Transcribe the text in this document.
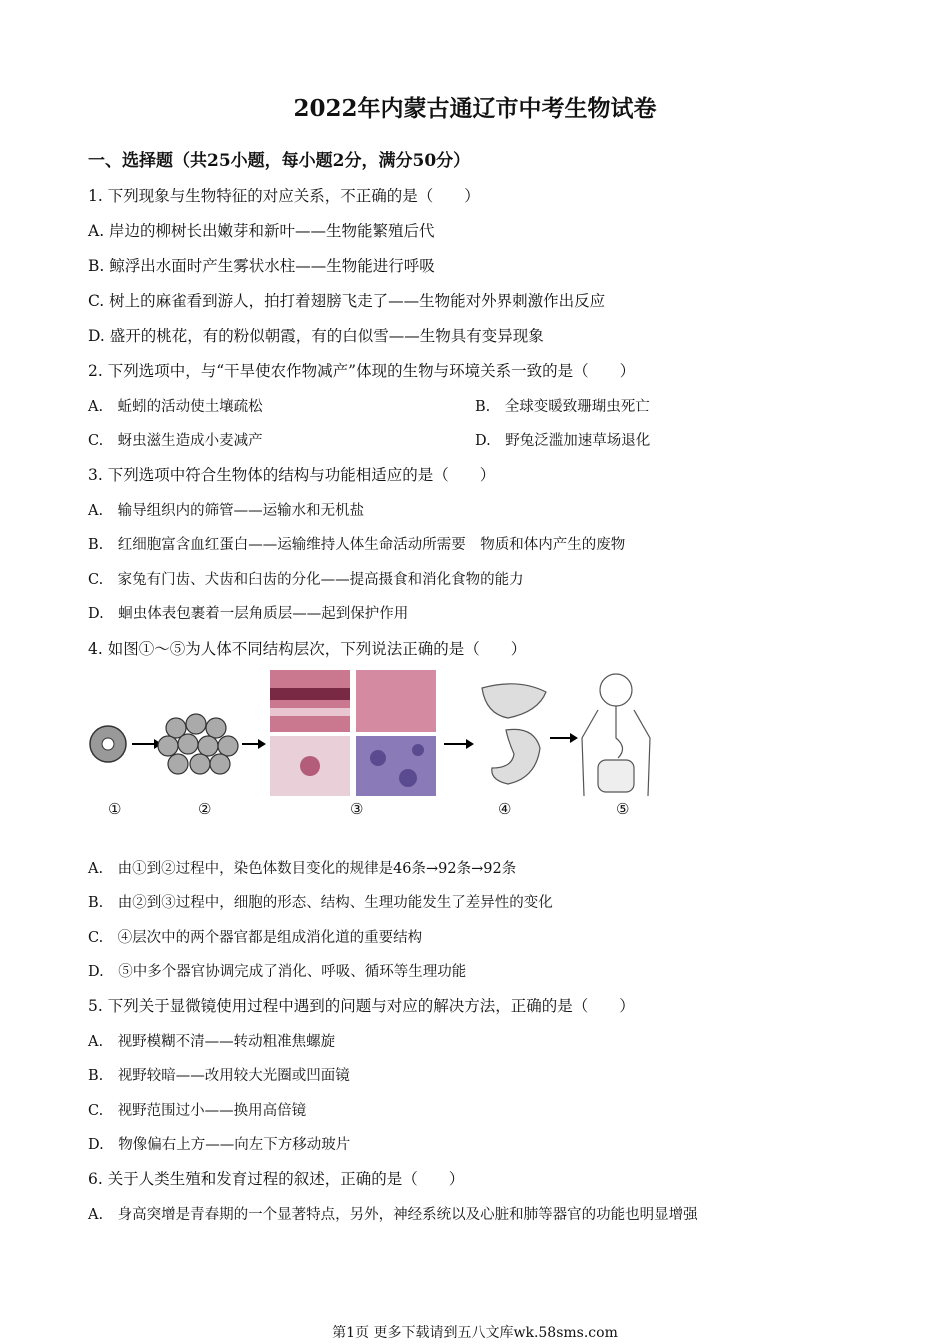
2022年内蒙古通辽市中考生物试卷
一、选择题（共25小题，每小题2分，满分50分）
1. 下列现象与生物特征的对应关系，不正确的是（　　）
A. 岸边的柳树长出嫩芽和新叶——生物能繁殖后代
B. 鲸浮出水面时产生雾状水柱——生物能进行呼吸
C. 树上的麻雀看到游人，拍打着翅膀飞走了——生物能对外界刺激作出反应
D. 盛开的桃花，有的粉似朝霞，有的白似雪——生物具有变异现象
2. 下列选项中，与“干旱使农作物减产”体现的生物与环境关系一致的是（　　）
A.　蚯蚓的活动使土壤疏松	B.　全球变暖致珊瑚虫死亡
C.　蚜虫滋生造成小麦减产	D.　野兔泛滥加速草场退化
3. 下列选项中符合生物体的结构与功能相适应的是（　　）
A.　输导组织内的筛管——运输水和无机盐
B.　红细胞富含血红蛋白——运输维持人体生命活动所需要　物质和体内产生的废物
C.　家兔有门齿、犬齿和臼齿的分化——提高摄食和消化食物的能力
D.　蛔虫体表包裹着一层角质层——起到保护作用
4. 如图①～⑤为人体不同结构层次，下列说法正确的是（　　）
①	②	③	④	⑤
A.　由①到②过程中，染色体数目变化的规律是46条→92条→92条
B.　由②到③过程中，细胞的形态、结构、生理功能发生了差异性的变化
C.　④层次中的两个器官都是组成消化道的重要结构
D.　⑤中多个器官协调完成了消化、呼吸、循环等生理功能
5. 下列关于显微镜使用过程中遇到的问题与对应的解决方法，正确的是（　　）
A.　视野模糊不清——转动粗准焦螺旋
B.　视野较暗——改用较大光圈或凹面镜
C.　视野范围过小——换用高倍镜
D.　物像偏右上方——向左下方移动玻片
6. 关于人类生殖和发育过程的叙述，正确的是（　　）
A.　身高突增是青春期的一个显著特点，另外，神经系统以及心脏和肺等器官的功能也明显增强
第1页 更多下载请到五八文库wk.58sms.com
